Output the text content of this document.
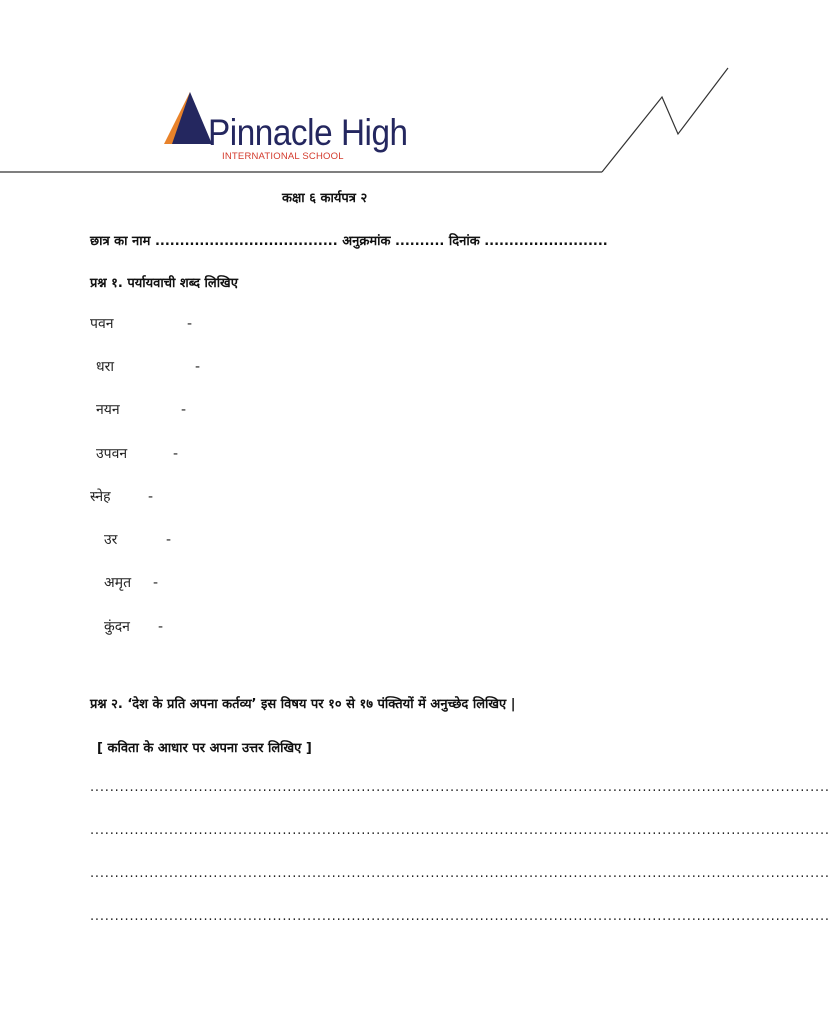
Pinnacle High
INTERNATIONAL SCHOOL
कक्षा ६ कार्यपत्र २
छात्र का नाम ..................................... अनुक्रमांक .......... दिनांक .........................
प्रश्न १. पर्यायवाची शब्द लिखिए
पवन	-
धरा	-
नयन	-
उपवन	-
स्नेह	-
उर	-
अमृत -
कुंदन -
प्रश्न २. ‘देश के प्रति अपना कर्तव्य’ इस विषय पर १० से १७ पंक्तियों में अनुच्छेद लिखिए |
[ कविता के आधार पर अपना उत्तर लिखिए ]
......................................................................................................................................................
......................................................................................................................................................
......................................................................................................................................................
......................................................................................................................................................
